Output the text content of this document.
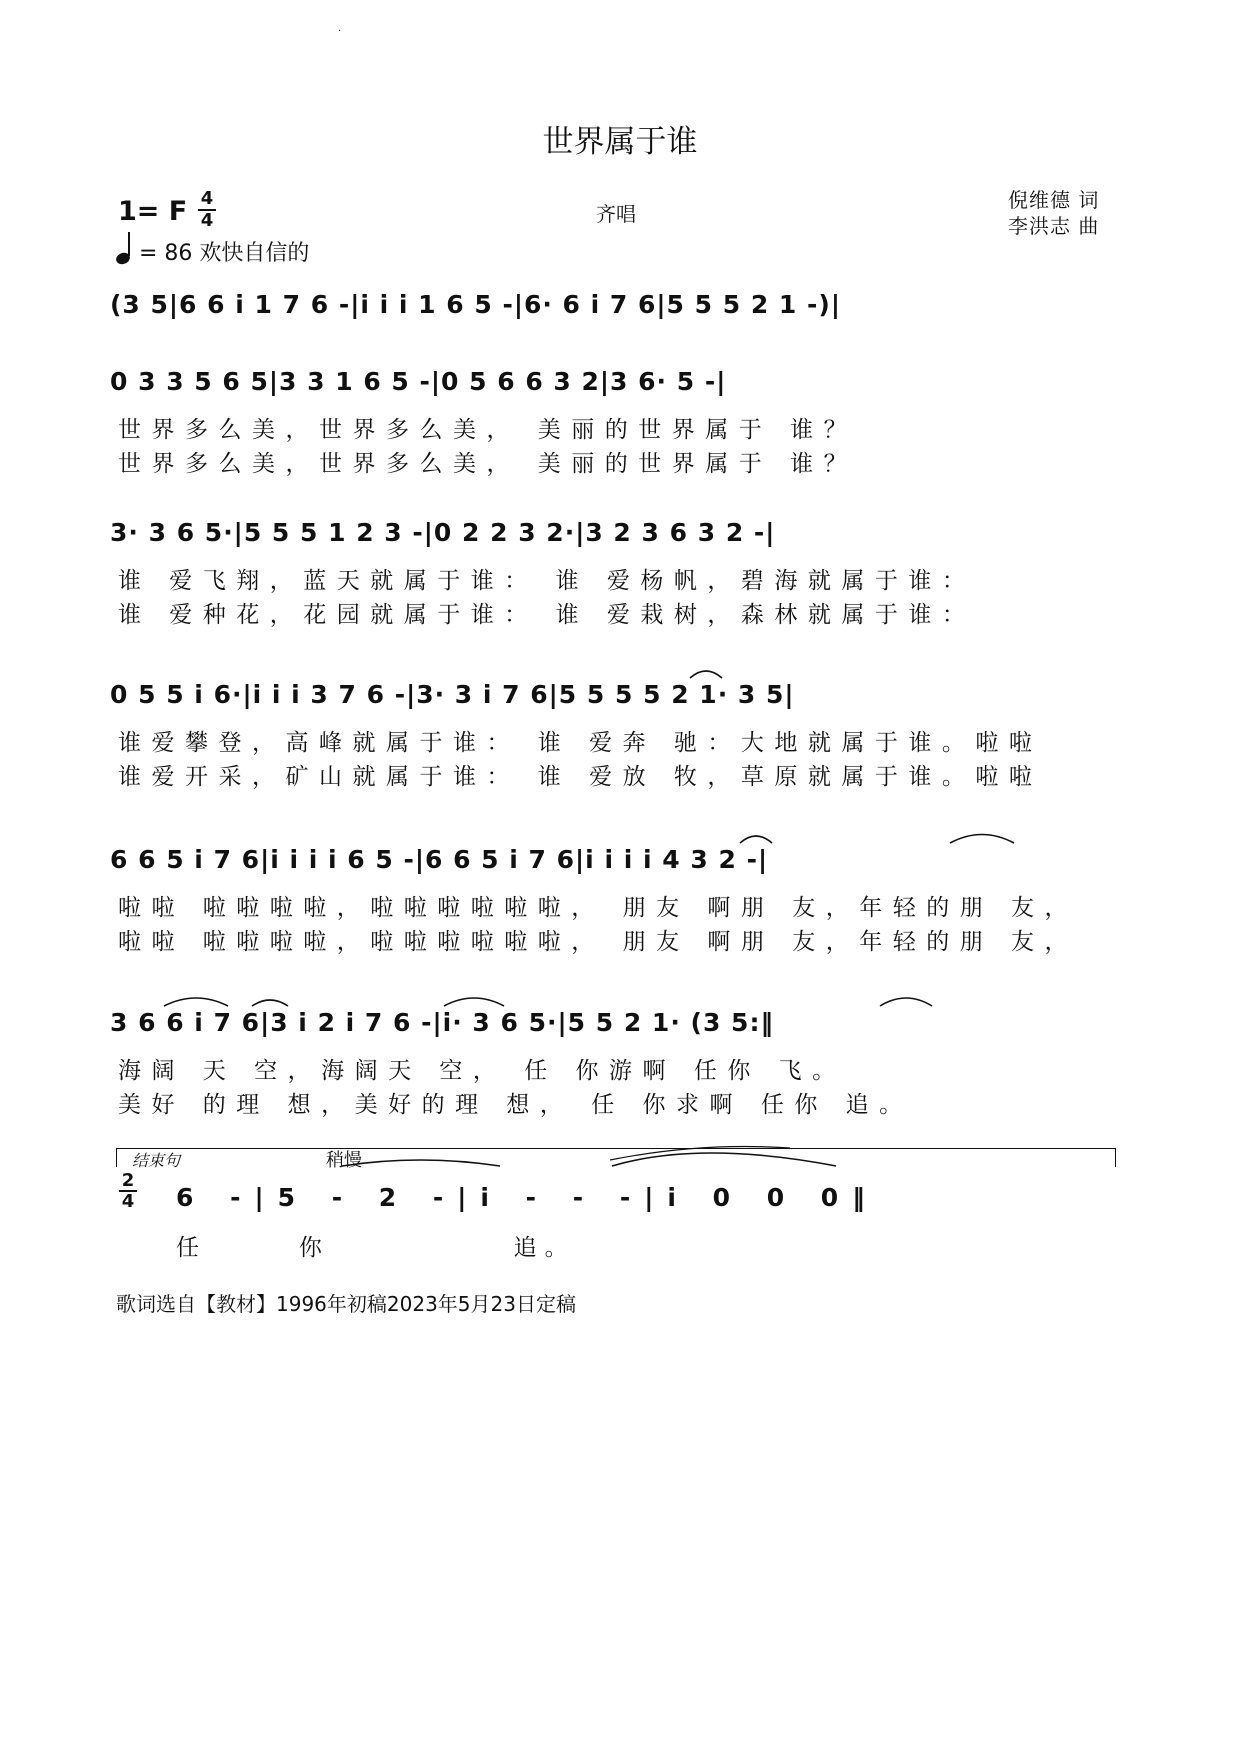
·
世界属于谁
1= F 4
4
= 86 欢快自信的
齐唱
倪维德 词
李洪志 曲
(3 5|6 6 i 1 7 6 -|i i i 1 6 5 -|6· 6 i 7 6|5 5 5 2 1 -)|
0 3 3 5 6 5|3 3 1 6 5 -|0 5 6 6 3 2|3 6· 5 -|
世界多么美，世界多么美， 美丽的世界属于 谁？
世界多么美，世界多么美， 美丽的世界属于 谁？
3· 3 6 5·|5 5 5 1 2 3 -|0 2 2 3 2·|3 2 3 6 3 2 -|
谁 爱飞翔，蓝天就属于谁： 谁 爱杨帆，碧海就属于谁：
谁 爱种花，花园就属于谁： 谁 爱栽树，森林就属于谁：
0 5 5 i 6·|i i i 3 7 6 -|3· 3 i 7 6|5 5 5 5 2 1· 3 5|
谁爱攀登，高峰就属于谁： 谁 爱奔 驰：大地就属于谁。啦啦
谁爱开采，矿山就属于谁： 谁 爱放 牧，草原就属于谁。啦啦
6 6 5 i 7 6|i i i i 6 5 -|6 6 5 i 7 6|i i i i 4 3 2 -|
啦啦 啦啦啦啦，啦啦啦啦啦啦， 朋友 啊朋 友，年轻的朋 友，
啦啦 啦啦啦啦，啦啦啦啦啦啦， 朋友 啊朋 友，年轻的朋 友，
3 6 6 i 7 6|3 i 2 i 7 6 -|i· 3 6 5·|5 5 2 1· (3 5:‖
海阔 天 空，海阔天 空， 任 你游啊 任你 飞。
美好 的理 想，美好的理 想， 任 你求啊 任你 追。
结束句	稍慢
2
4 6 -|5 - 2 -|i - - -|i 0 0 0‖
任      你            追。
歌词选自【教材】1996年初稿2023年5月23日定稿
